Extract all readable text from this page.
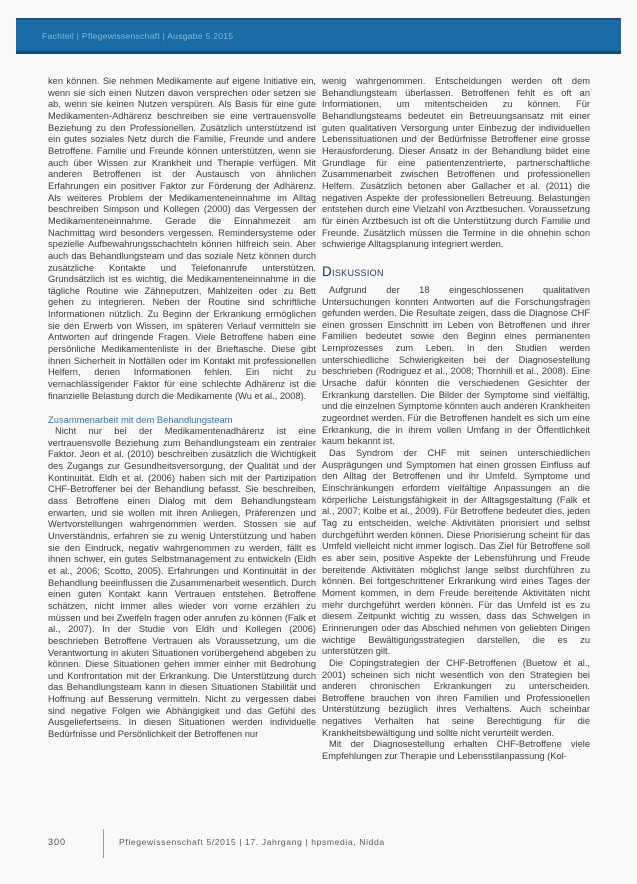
Fachteil | Pflegewissenschaft | Ausgabe 5.2015

ken können. Sie nehmen Medikamente auf eigene Initiative ein, wenn sie sich einen Nutzen davon versprechen oder setzen sie ab, wenn sie keinen Nutzen verspüren. Als Basis für eine gute Medikamenten-Adhärenz beschreiben sie eine vertrauensvolle Beziehung zu den Professionellen. Zusätzlich unterstützend ist ein gutes soziales Netz durch die Familie, Freunde und andere Betroffene. Familie und Freunde können unterstützen, wenn sie auch über Wissen zur Krankheit und Therapie verfügen. Mit anderen Betroffenen ist der Austausch von ähnlichen Erfahrungen ein positiver Faktor zur Förderung der Adhärenz. Als weiteres Problem der Medikamenteneinnahme im Alltag beschreiben Simpson und Kollegen (2000) das Vergessen der Medikamenteneinnahme. Gerade die Einnahmezeit am Nachmittag wird besonders vergessen. Remindersysteme oder spezielle Aufbewahrungsschachteln können hilfreich sein. Aber auch das Behandlungsteam und das soziale Netz können durch zusätzliche Kontakte und Telefonanrufe unterstützen. Grundsätzlich ist es wichtig, die Medikamenteneinnahme in die tägliche Routine wie Zähneputzen, Mahlzeiten oder zu Bett gehen zu integrieren. Neben der Routine sind schriftliche Informationen nützlich. Zu Beginn der Erkrankung ermöglichen sie den Erwerb von Wissen, im späteren Verlauf vermitteln sie Antworten auf dringende Fragen. Viele Betroffene haben eine persönliche Medikamentenliste in der Brieftasche. Diese gibt ihnen Sicherheit in Notfällen oder im Kontakt mit professionellen Helfern, denen Informationen fehlen. Ein nicht zu vernachlässigender Faktor für eine schlechte Adhärenz ist die finanzielle Belastung durch die Medikamente (Wu et al., 2008).

Zusammenarbeit mit dem Behandlungsteam

Nicht nur bei der Medikamentenadhärenz ist eine vertrauensvolle Beziehung zum Behandlungsteam ein zentraler Faktor. Jeon et al. (2010) beschreiben zusätzlich die Wichtigkeit des Zugangs zur Gesundheitsversorgung, der Qualität und der Kontinuität. Eldh et al. (2006) haben sich mit der Partizipation CHF-Betroffener bei der Behandlung befasst. Sie beschreiben, dass Betroffene einen Dialog mit dem Behandlungsteam erwarten, und sie wollen mit ihren Anliegen, Präferenzen und Wertvorstellungen wahrgenommen werden. Stossen sie auf Unverständnis, erfahren sie zu wenig Unterstützung und haben sie den Eindruck, negativ wahrgenommen zu werden, fällt es ihnen schwer, ein gutes Selbstmanagement zu entwickeln (Eldh et al., 2006; Scotto, 2005). Erfahrungen und Kontinuität in der Behandlung beeinflussen die Zusammenarbeit wesentlich. Durch einen guten Kontakt kann Vertrauen entstehen. Betroffene schätzen, nicht immer alles wieder von vorne erzählen zu müssen und bei Zweifeln fragen oder anrufen zu können (Falk et al., 2007). In der Studie von Eldh und Kollegen (2006) beschrieben Betroffene Vertrauen als Voraussetzung, um die Verantwortung in akuten Situationen vorübergehend abgeben zu können. Diese Situationen gehen immer einher mit Bedrohung und Konfrontation mit der Erkrankung. Die Unterstützung durch das Behandlungsteam kann in diesen Situationen Stabilität und Hoffnung auf Besserung vermitteln. Nicht zu vergessen dabei sind negative Folgen wie Abhängigkeit und das Gefühl des Ausgeliefertseins. In diesen Situationen werden individuelle Bedürfnisse und Persönlichkeit der Betroffenen nur

wenig wahrgenommen. Entscheidungen werden oft dem Behandlungsteam überlassen. Betroffenen fehlt es oft an Informationen, um mitentscheiden zu können. Für Behandlungsteams bedeutet ein Betreuungsansatz mit einer guten qualitativen Versorgung unter Einbezug der individuellen Lebenssituationen und der Bedürfnisse Betroffener eine grosse Herausforderung. Dieser Ansatz in der Behandlung bildet eine Grundlage für eine patientenzentrierte, partnerschaftliche Zusammenarbeit zwischen Betroffenen und professionellen Helfern. Zusätzlich betonen aber Gallacher et al. (2011) die negativen Aspekte der professionellen Betreuung. Belastungen entstehen durch eine Vielzahl von Arztbesuchen. Voraussetzung für einen Arztbesuch ist oft die Unterstützung durch Familie und Freunde. Zusätzlich müssen die Termine in die ohnehin schon schwierige Alltagsplanung integriert werden.

Diskussion

Aufgrund der 18 eingeschlossenen qualitativen Untersuchungen konnten Antworten auf die Forschungsfragen gefunden werden. Die Resultate zeigen, dass die Diagnose CHF einen grossen Einschnitt im Leben von Betroffenen und ihrer Familien bedeutet sowie den Beginn eines permanenten Lernprozesses zum Leben. In den Studien werden unterschiedliche Schwierigkeiten bei der Diagnosestellung beschrieben (Rodriguez et al., 2008; Thornhill et al., 2008). Eine Ursache dafür könnten die verschiedenen Gesichter der Erkrankung darstellen. Die Bilder der Symptome sind vielfältig, und die einzelnen Symptome könnten auch anderen Krankheiten zugeordnet werden. Für die Betroffenen handelt es sich um eine Erkrankung, die in ihrem vollen Umfang in der Öffentlichkeit kaum bekannt ist.

Das Syndrom der CHF mit seinen unterschiedlichen Ausprägungen und Symptomen hat einen grossen Einfluss auf den Alltag der Betroffenen und ihr Umfeld. Symptome und Einschränkungen erfordern vielfältige Anpassungen an die körperliche Leistungsfähigkeit in der Alltagsgestaltung (Falk et al., 2007; Kolbe et al., 2009). Für Betroffene bedeutet dies, jeden Tag zu entscheiden, welche Aktivitäten priorisiert und selbst durchgeführt werden können. Diese Priorisierung scheint für das Umfeld vielleicht nicht immer logisch. Das Ziel für Betroffene soll es aber sein, positive Aspekte der Lebensführung und Freude bereitende Aktivitäten möglichst lange selbst durchführen zu können. Bei fortgeschrittener Erkrankung wird eines Tages der Moment kommen, in dem Freude bereitende Aktivitäten nicht mehr durchgeführt werden können. Für das Umfeld ist es zu diesem Zeitpunkt wichtig zu wissen, dass das Schwelgen in Erinnerungen oder das Abschied nehmen von geliebten Dingen wichtige Bewältigungsstrategien darstellen, die es zu unterstützen gilt.

Die Copingstrategien der CHF-Betroffenen (Buetow et al., 2001) scheinen sich nicht wesentlich von den Strategien bei anderen chronischen Erkrankungen zu unterscheiden. Betroffene brauchen von ihren Familien und Professionellen Unterstützung bezüglich ihres Verhaltens. Auch scheinbar negatives Verhalten hat seine Berechtigung für die Krankheitsbewältigung und sollte nicht verurteilt werden.

Mit der Diagnosestellung erhalten CHF-Betroffene viele Empfehlungen zur Therapie und Lebensstilanpassung (Kol-

300	Pflegewissenschaft 5/2015 | 17. Jahrgang | hpsmedia, Nidda
